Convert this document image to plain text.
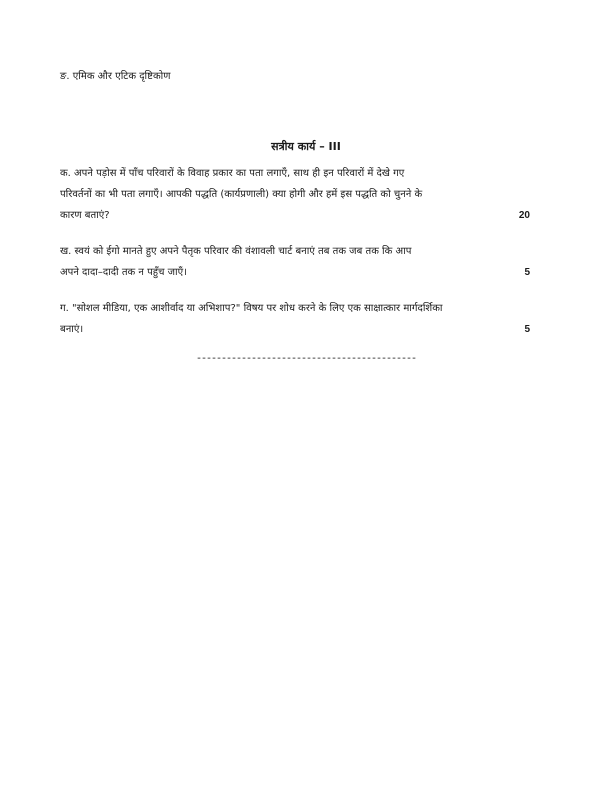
ङ. एमिक और एटिक दृष्टिकोण
सत्रीय कार्य – III
क. अपने पड़ोस में पाँच परिवारों के विवाह प्रकार का पता लगाएँ, साथ ही इन परिवारों में देखे गए
परिवर्तनों का भी पता लगाएँ। आपकी पद्धति (कार्यप्रणाली) क्या होगी और हमें इस पद्धति को चुनने के
कारण बताएं?	20
ख. स्वयं को ईगो मानते हुए अपने पैतृक परिवार की वंशावली चार्ट बनाएं तब तक जब तक कि आप
अपने दादा–दादी तक न पहुँच जाएँ।	5
ग. "सोशल मीडिया, एक आशीर्वाद या अभिशाप?" विषय पर शोध करने के लिए एक साक्षात्कार मार्गदर्शिका
बनाएं।	5
--------------------------------------------
